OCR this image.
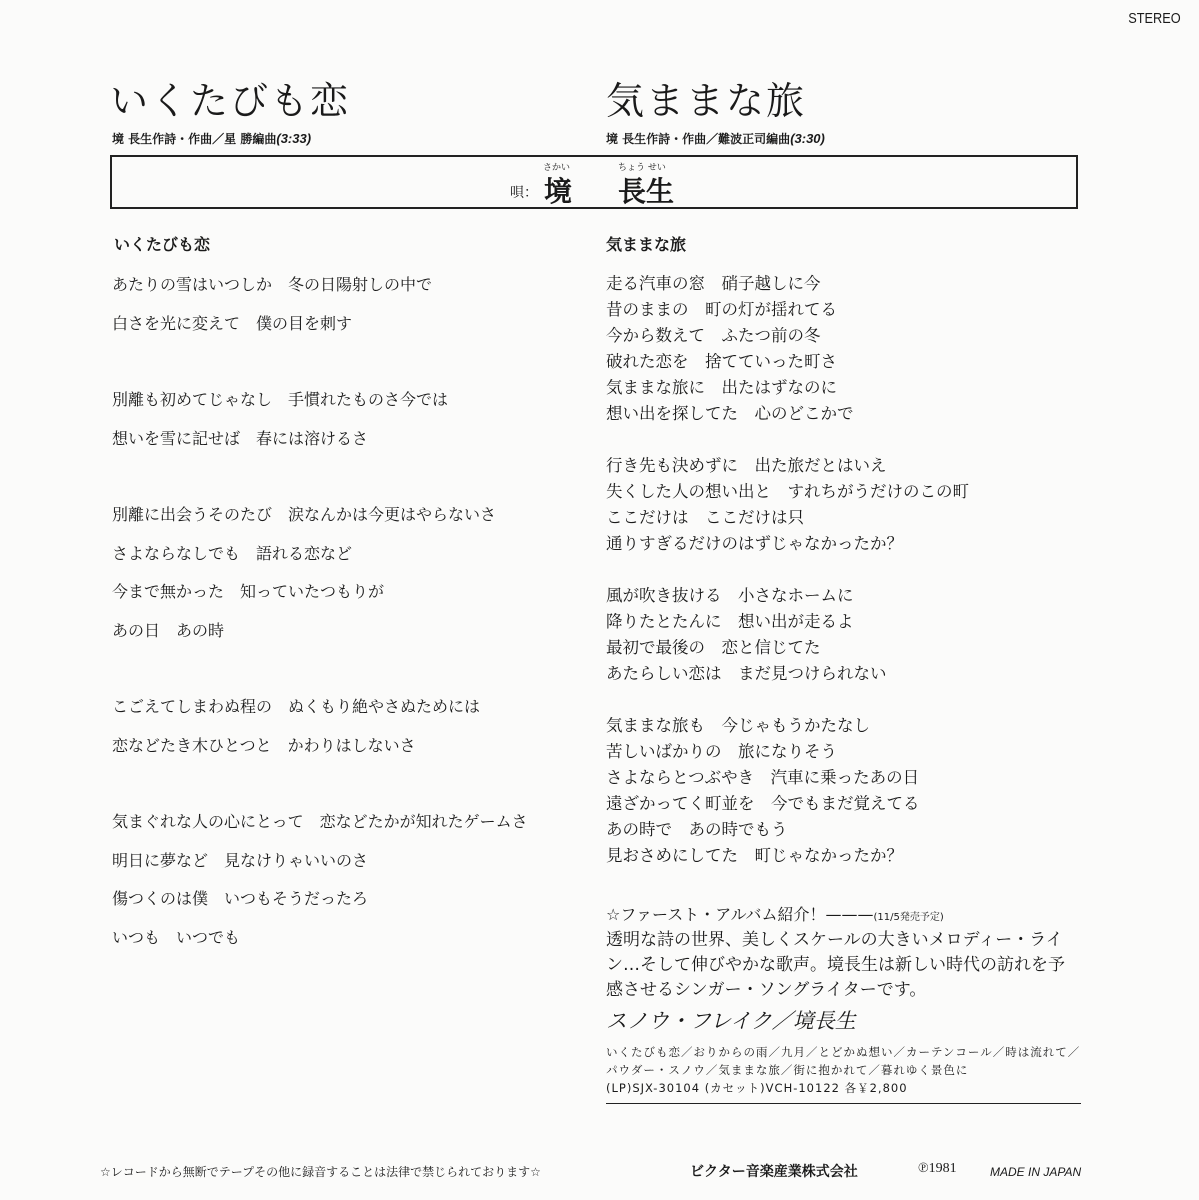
STEREO
いくたびも恋	気ままな旅
境 長生作詩・作曲／星 勝編曲(3:33)	境 長生作詩・作曲／難波正司編曲(3:30)
唄：
さかい
境
ちょう せい
長生
いくたびも恋	気ままな旅
あたりの雪はいつしか　冬の日陽射しの中で
白さを光に変えて　僕の目を刺す
別離も初めてじゃなし　手慣れたものさ今では
想いを雪に記せば　春には溶けるさ
別離に出会うそのたび　涙なんかは今更はやらないさ
さよならなしでも　語れる恋など
今まで無かった　知っていたつもりが
あの日　あの時
こごえてしまわぬ程の　ぬくもり絶やさぬためには
恋などたき木ひとつと　かわりはしないさ
気まぐれな人の心にとって　恋などたかが知れたゲームさ
明日に夢など　見なけりゃいいのさ
傷つくのは僕　いつもそうだったろ
いつも　いつでも
走る汽車の窓　硝子越しに今
昔のままの　町の灯が揺れてる
今から数えて　ふたつ前の冬
破れた恋を　捨てていった町さ
気ままな旅に　出たはずなのに
想い出を探してた　心のどこかで
行き先も決めずに　出た旅だとはいえ
失くした人の想い出と　すれちがうだけのこの町
ここだけは　ここだけは只
通りすぎるだけのはずじゃなかったか？
風が吹き抜ける　小さなホームに
降りたとたんに　想い出が走るよ
最初で最後の　恋と信じてた
あたらしい恋は　まだ見つけられない
気ままな旅も　今じゃもうかたなし
苦しいばかりの　旅になりそう
さよならとつぶやき　汽車に乗ったあの日
遠ざかってく町並を　今でもまだ覚えてる
あの時で　あの時でもう
見おさめにしてた　町じゃなかったか？
☆ファースト・アルバム紹介！———(11/5発売予定)
透明な詩の世界、美しくスケールの大きいメロディー・ライン…そして伸びやかな歌声。境長生は新しい時代の訪れを予感させるシンガー・ソングライターです。
スノウ・フレイク／境長生
いくたびも恋／おりからの雨／九月／とどかぬ想い／カーテンコール／時は流れて／パウダー・スノウ／気ままな旅／街に抱かれて／暮れゆく景色に
(LP)SJX-30104 (カセット)VCH-10122 各￥2,800
☆レコードから無断でテープその他に録音することは法律で禁じられております☆	ビクター音楽産業株式会社	℗1981	MADE IN JAPAN
